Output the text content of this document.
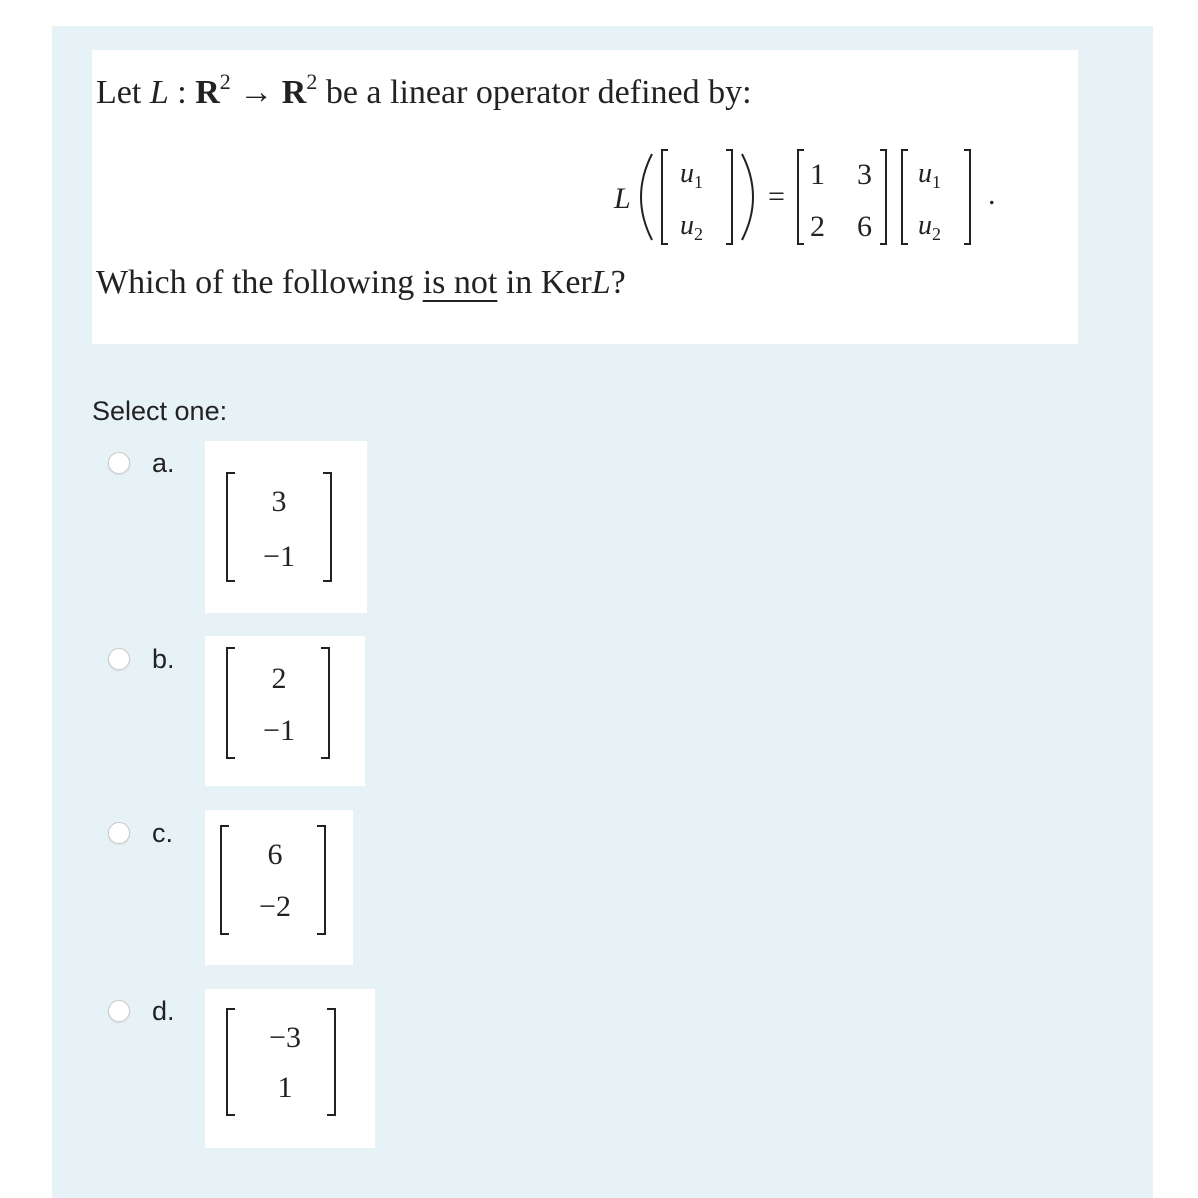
Let L : $R^2 \to R^2$ be a linear operator defined by:
L
$u_1$
$u_2$
=
1 3
2 6
$u_1$
$u_2$
.
Which of the following is not in KerL?
Select one:
a.
3
−1
b.
2
−1
c.
6
−2
d.
−3
1
